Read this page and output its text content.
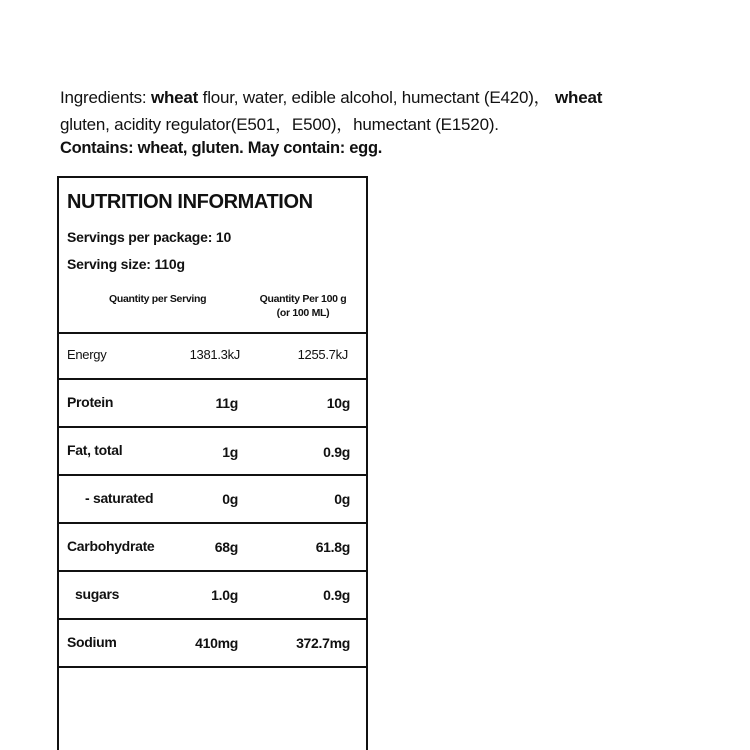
Ingredients: wheat flour, water, edible alcohol, humectant (E420)， wheat
gluten, acidity regulator(E501，E500)，humectant (E1520).
Contains: wheat, gluten. May contain: egg.
NUTRITION INFORMATION
Servings per package: 10
Serving size: 110g
Quantity per Serving	Quantity Per 100 g
(or 100 ML)
Energy	1381.3kJ	1255.7kJ
Protein	11g	10g
Fat, total	1g	0.9g
- saturated	0g	0g
Carbohydrate	68g	61.8g
sugars	1.0g	0.9g
Sodium	410mg	372.7mg
